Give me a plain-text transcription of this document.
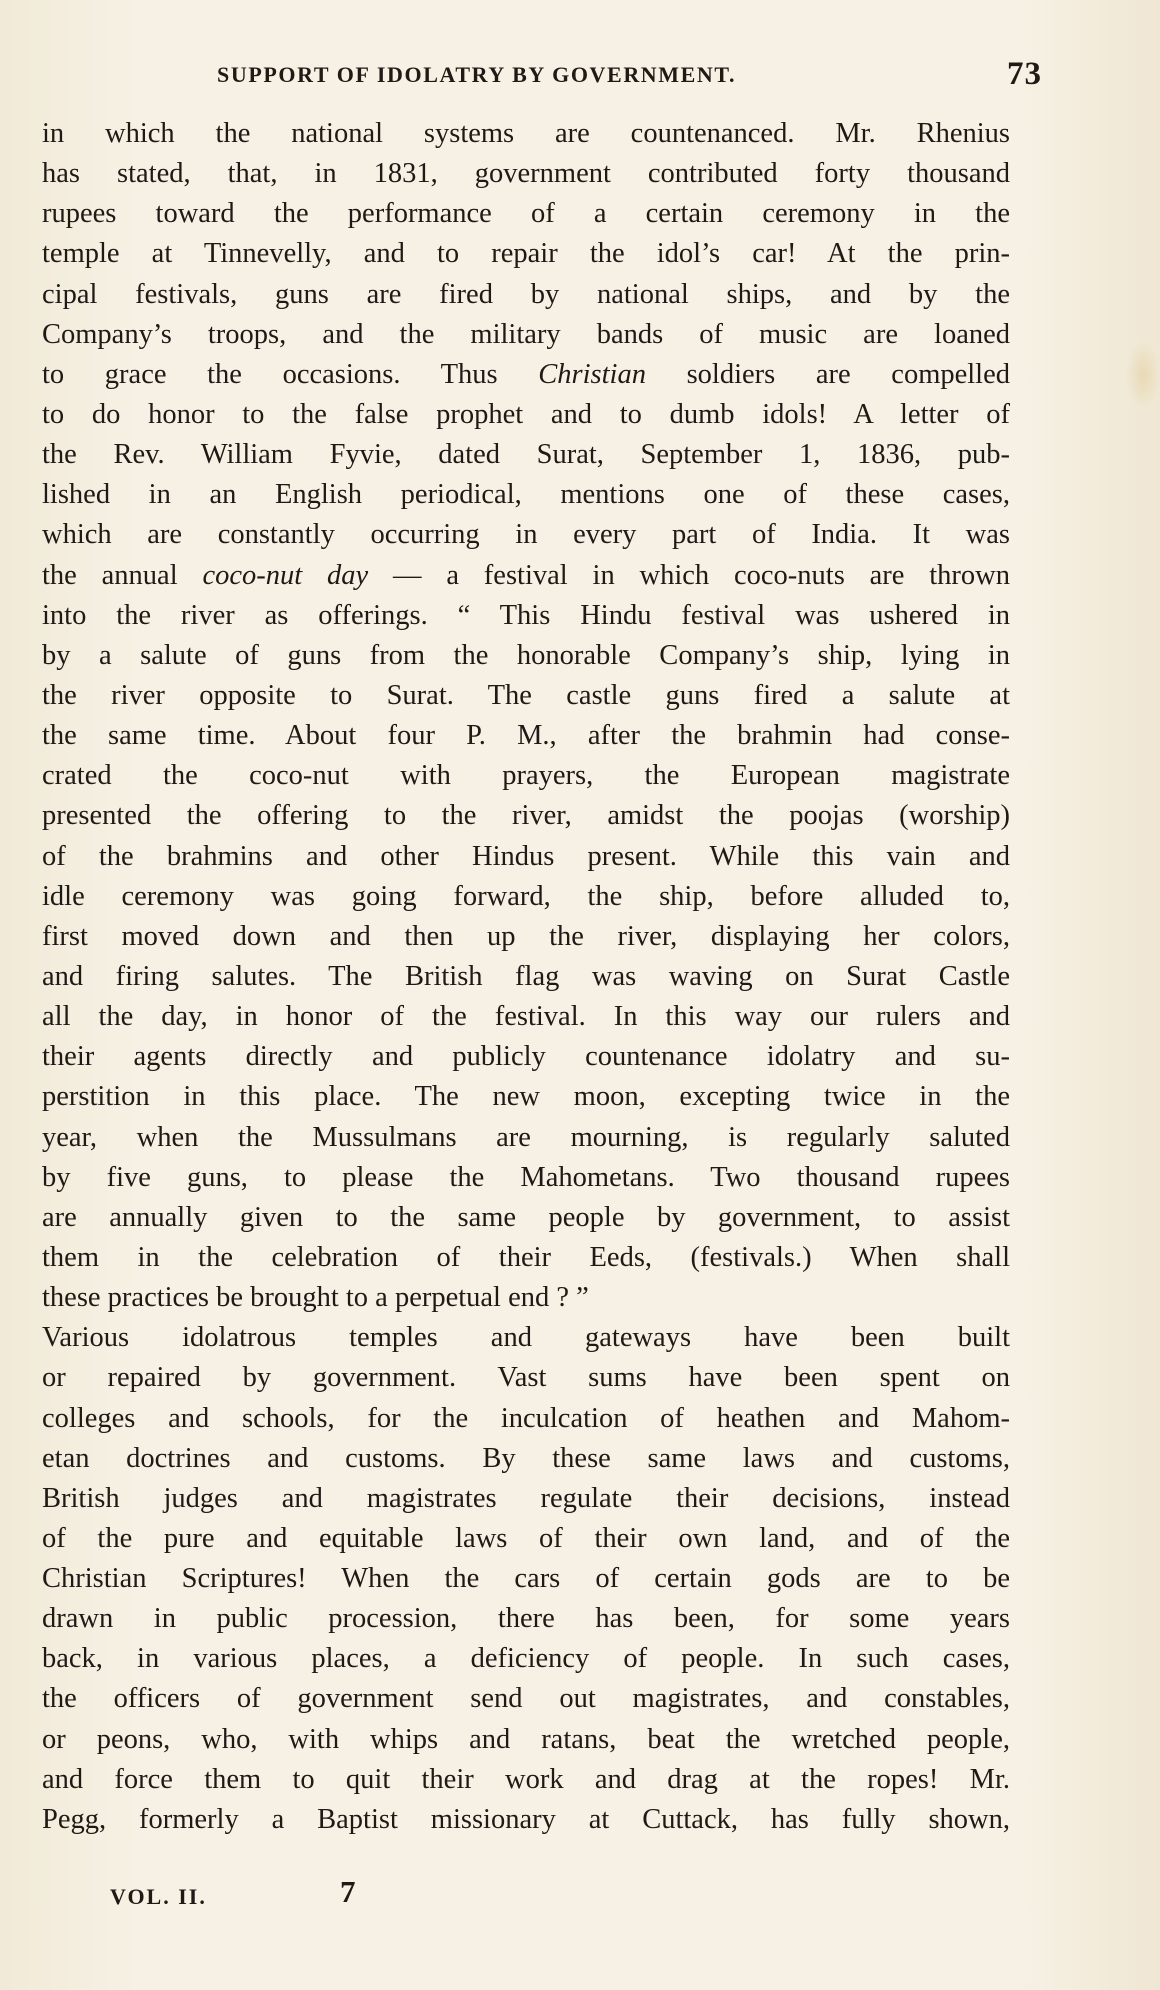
SUPPORT OF IDOLATRY BY GOVERNMENT.	73
in which the national systems are countenanced. Mr. Rhenius
has stated, that, in 1831, government contributed forty thousand
rupees toward the performance of a certain ceremony in the
temple at Tinnevelly, and to repair the idol’s car! At the prin-
cipal festivals, guns are fired by national ships, and by the
Company’s troops, and the military bands of music are loaned
to grace the occasions. Thus Christian soldiers are compelled
to do honor to the false prophet and to dumb idols! A letter of
the Rev. William Fyvie, dated Surat, September 1, 1836, pub-
lished in an English periodical, mentions one of these cases,
which are constantly occurring in every part of India. It was
the annual coco-nut day — a festival in which coco-nuts are thrown
into the river as offerings. “ This Hindu festival was ushered in
by a salute of guns from the honorable Company’s ship, lying in
the river opposite to Surat. The castle guns fired a salute at
the same time. About four P. M., after the brahmin had conse-
crated the coco-nut with prayers, the European magistrate
presented the offering to the river, amidst the poojas (worship)
of the brahmins and other Hindus present. While this vain and
idle ceremony was going forward, the ship, before alluded to,
first moved down and then up the river, displaying her colors,
and firing salutes. The British flag was waving on Surat Castle
all the day, in honor of the festival. In this way our rulers and
their agents directly and publicly countenance idolatry and su-
perstition in this place. The new moon, excepting twice in the
year, when the Mussulmans are mourning, is regularly saluted
by five guns, to please the Mahometans. Two thousand rupees
are annually given to the same people by government, to assist
them in the celebration of their Eeds, (festivals.) When shall
these practices be brought to a perpetual end ? ”
Various idolatrous temples and gateways have been built
or repaired by government. Vast sums have been spent on
colleges and schools, for the inculcation of heathen and Mahom-
etan doctrines and customs. By these same laws and customs,
British judges and magistrates regulate their decisions, instead
of the pure and equitable laws of their own land, and of the
Christian Scriptures! When the cars of certain gods are to be
drawn in public procession, there has been, for some years
back, in various places, a deficiency of people. In such cases,
the officers of government send out magistrates, and constables,
or peons, who, with whips and ratans, beat the wretched people,
and force them to quit their work and drag at the ropes! Mr.
Pegg, formerly a Baptist missionary at Cuttack, has fully shown,
VOL. II.	7
